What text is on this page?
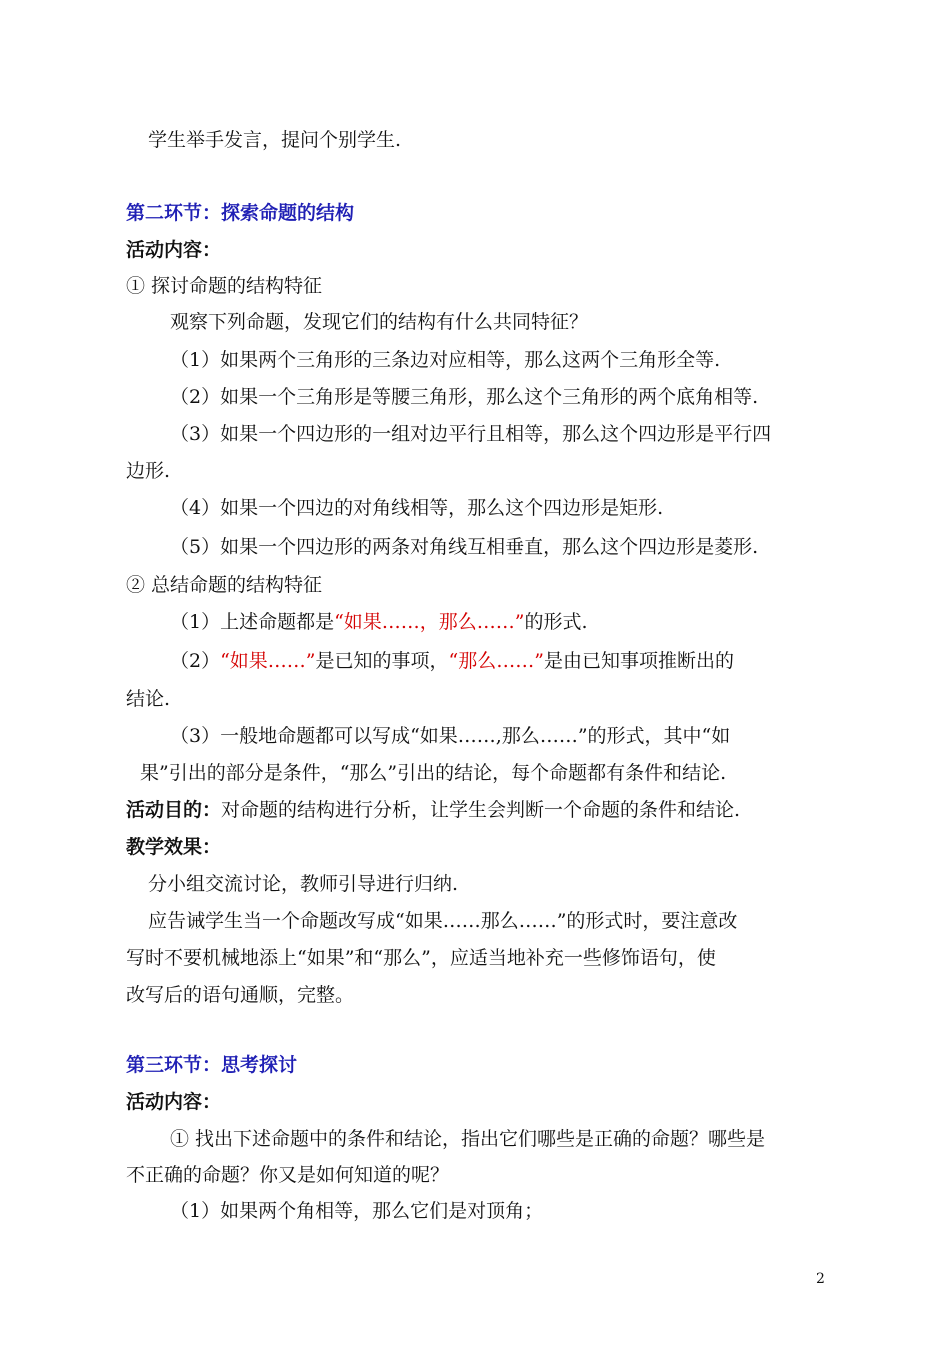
学生举手发言，提问个别学生.
第二环节：探索命题的结构
活动内容：
① 探讨命题的结构特征
观察下列命题，发现它们的结构有什么共同特征？
（1）如果两个三角形的三条边对应相等，那么这两个三角形全等.
（2）如果一个三角形是等腰三角形，那么这个三角形的两个底角相等.
（3）如果一个四边形的一组对边平行且相等，那么这个四边形是平行四
边形.
（4）如果一个四边的对角线相等，那么这个四边形是矩形.
（5）如果一个四边形的两条对角线互相垂直，那么这个四边形是菱形.
② 总结命题的结构特征
（1）上述命题都是“如果……，那么……”的形式.
（2）“如果……”是已知的事项，“那么……”是由已知事项推断出的
结论.
（3）一般地命题都可以写成“如果……,那么……”的形式，其中“如
果”引出的部分是条件，“那么”引出的结论，每个命题都有条件和结论.
活动目的：对命题的结构进行分析，让学生会判断一个命题的条件和结论.
教学效果：
分小组交流讨论，教师引导进行归纳.
应告诫学生当一个命题改写成“如果……那么……”的形式时，要注意改
写时不要机械地添上“如果”和“那么”，应适当地补充一些修饰语句，使
改写后的语句通顺，完整。
第三环节：思考探讨
活动内容：
① 找出下述命题中的条件和结论，指出它们哪些是正确的命题？哪些是
不正确的命题？你又是如何知道的呢？
（1）如果两个角相等，那么它们是对顶角；
2
